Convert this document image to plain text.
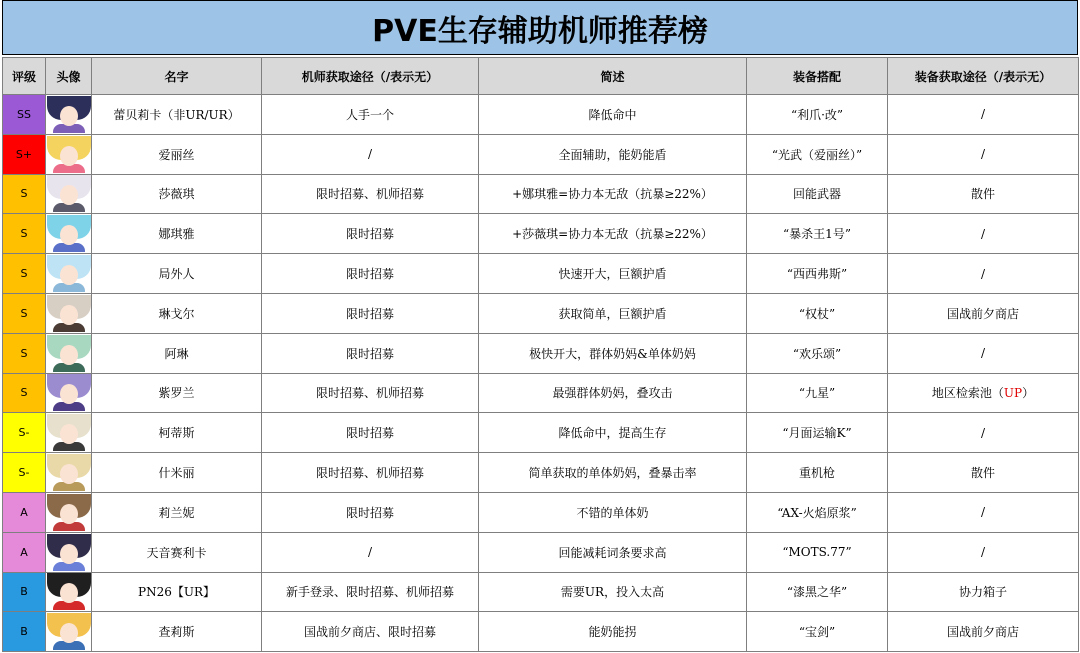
PVE生存辅助机师推荐榜
评级	头像	名字	机师获取途径（/表示无）	简述	装备搭配	装备获取途径（/表示无）
SS		蕾贝莉卡（非UR/UR）	人手一个	降低命中	“利爪·改”	/
S+		爱丽丝	/	全面辅助，能奶能盾	“光武（爱丽丝）”	/
S		莎薇琪	限时招募、机师招募	+娜琪雅=协力本无敌（抗暴≥22%）	回能武器	散件
S		娜琪雅	限时招募	+莎薇琪=协力本无敌（抗暴≥22%）	“暴杀王1号”	/
S		局外人	限时招募	快速开大，巨额护盾	“西西弗斯”	/
S		琳戈尔	限时招募	获取简单，巨额护盾	“权杖”	国战前夕商店
S		阿琳	限时招募	极快开大，群体奶妈&单体奶妈	“欢乐颂”	/
S		紫罗兰	限时招募、机师招募	最强群体奶妈，叠攻击	“九星”	地区检索池（UP）
S-		柯蒂斯	限时招募	降低命中，提高生存	“月面运输K”	/
S-		什米丽	限时招募、机师招募	简单获取的单体奶妈，叠暴击率	重机枪	散件
A		莉兰妮	限时招募	不错的单体奶	“AX-火焰原浆”	/
A		天音赛利卡	/	回能减耗词条要求高	“MOTS.77”	/
B		PN26【UR】	新手登录、限时招募、机师招募	需要UR，投入太高	“漆黑之华”	协力箱子
B		查莉斯	国战前夕商店、限时招募	能奶能拐	“宝剑”	国战前夕商店
